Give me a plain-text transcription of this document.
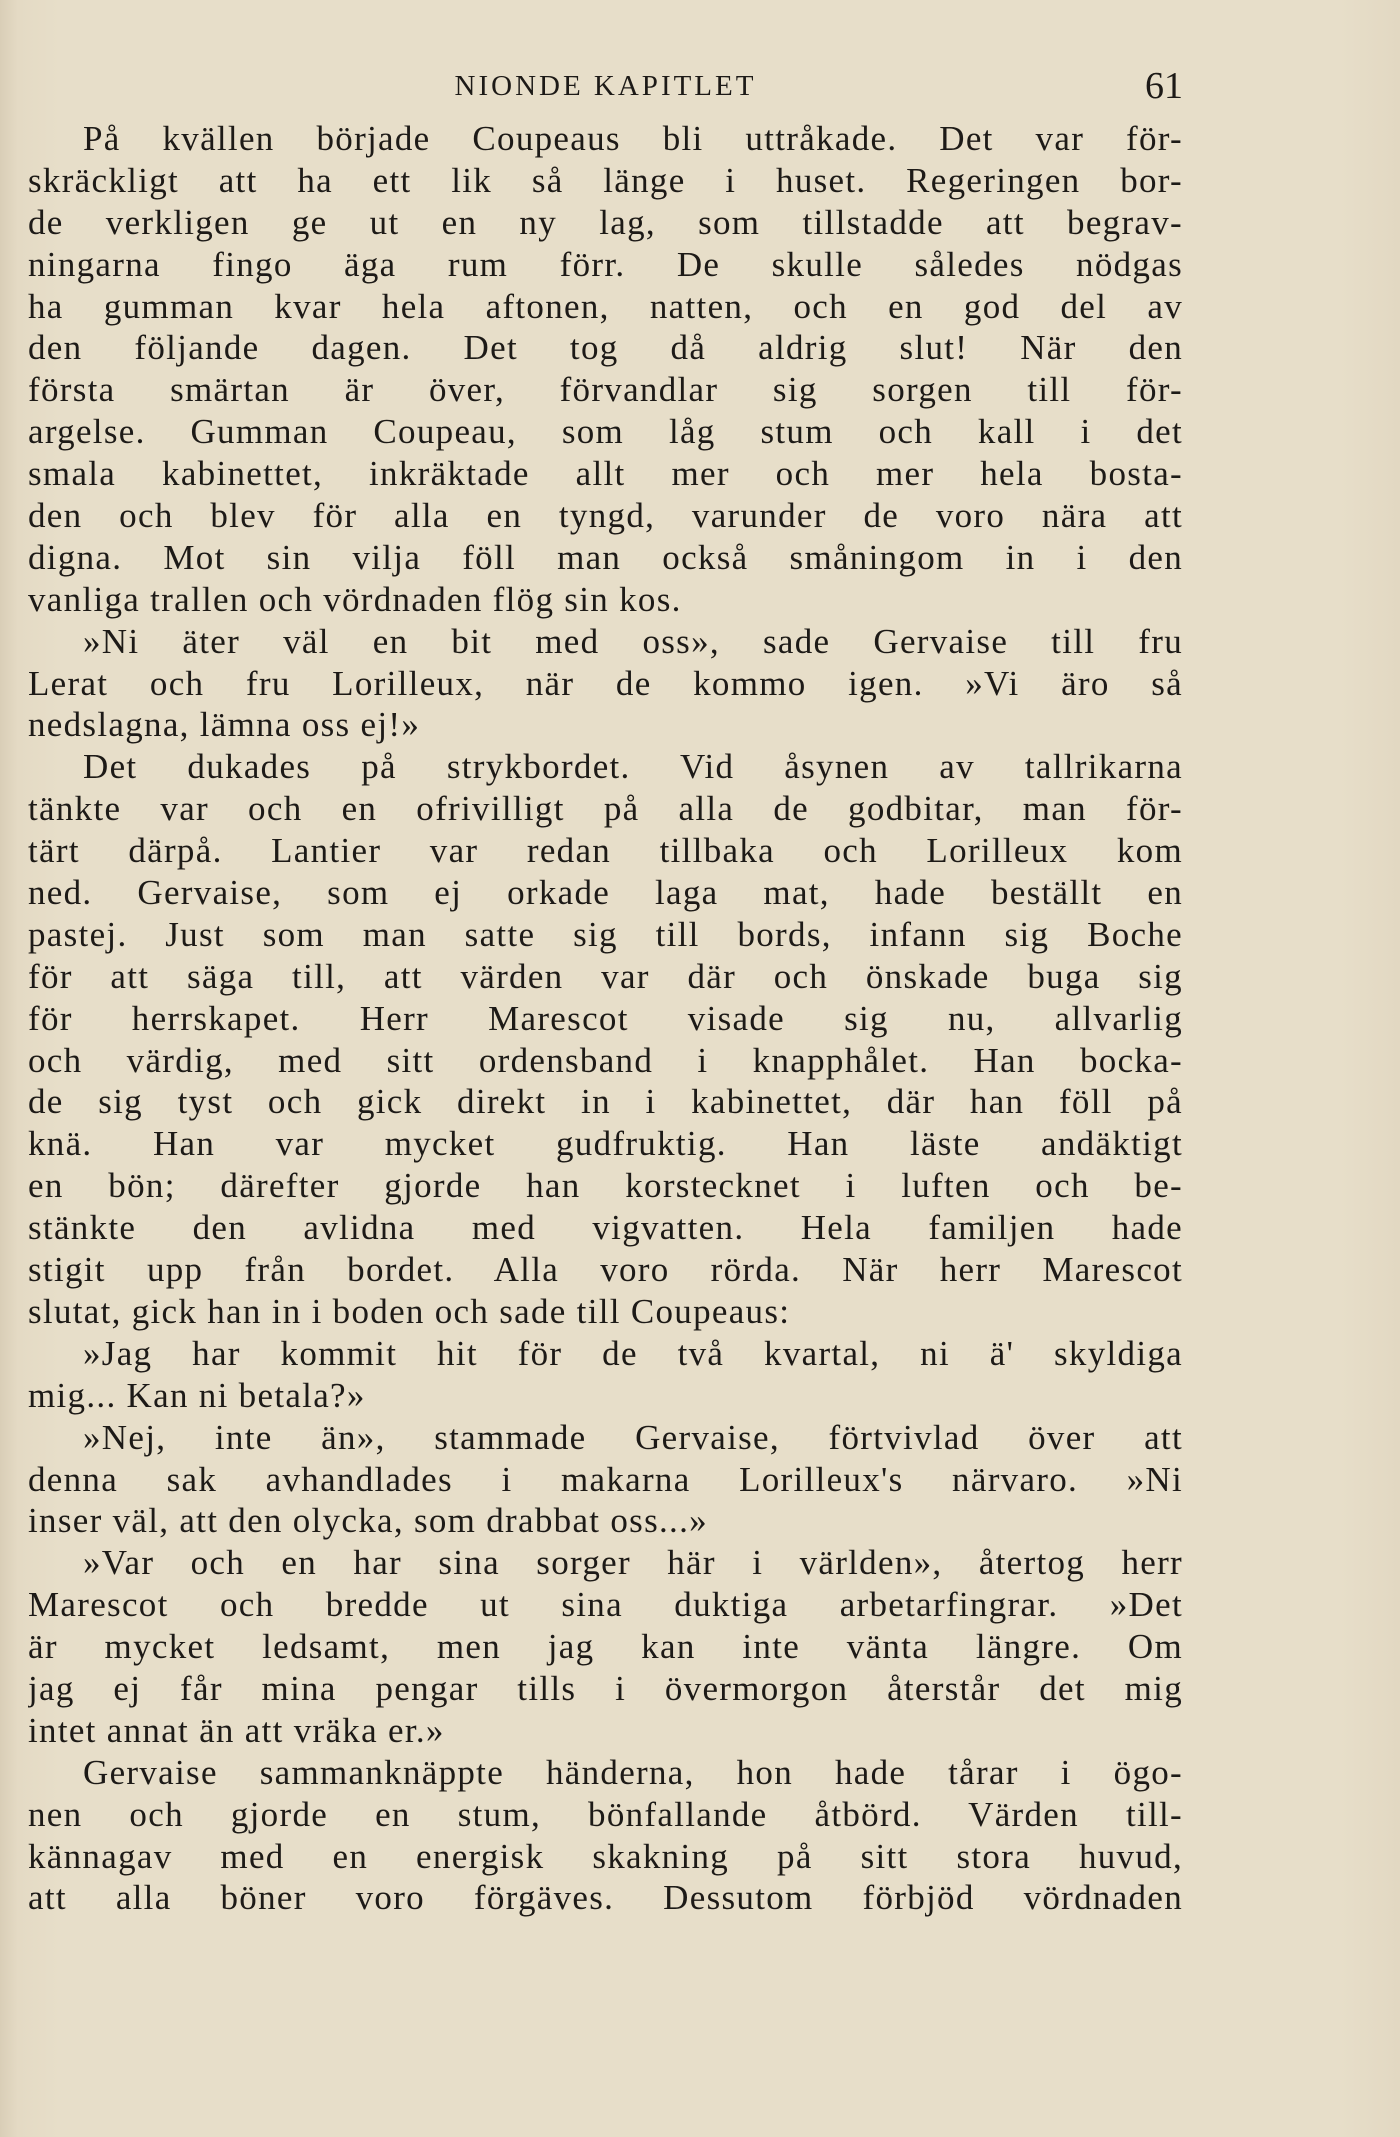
NIONDE KAPITLET	61
På kvällen började Coupeaus bli uttråkade. Det var för-
skräckligt att ha ett lik så länge i huset. Regeringen bor-
de verkligen ge ut en ny lag, som tillstadde att begrav-
ningarna fingo äga rum förr. De skulle således nödgas
ha gumman kvar hela aftonen, natten, och en god del av
den följande dagen. Det tog då aldrig slut! När den
första smärtan är över, förvandlar sig sorgen till för-
argelse. Gumman Coupeau, som låg stum och kall i det
smala kabinettet, inkräktade allt mer och mer hela bosta-
den och blev för alla en tyngd, varunder de voro nära att
digna. Mot sin vilja föll man också småningom in i den
vanliga trallen och vördnaden flög sin kos.
»Ni äter väl en bit med oss», sade Gervaise till fru
Lerat och fru Lorilleux, när de kommo igen. »Vi äro så
nedslagna, lämna oss ej!»
Det dukades på strykbordet. Vid åsynen av tallrikarna
tänkte var och en ofrivilligt på alla de godbitar, man för-
tärt därpå. Lantier var redan tillbaka och Lorilleux kom
ned. Gervaise, som ej orkade laga mat, hade beställt en
pastej. Just som man satte sig till bords, infann sig Boche
för att säga till, att värden var där och önskade buga sig
för herrskapet. Herr Marescot visade sig nu, allvarlig
och värdig, med sitt ordensband i knapphålet. Han bocka-
de sig tyst och gick direkt in i kabinettet, där han föll på
knä. Han var mycket gudfruktig. Han läste andäktigt
en bön; därefter gjorde han korstecknet i luften och be-
stänkte den avlidna med vigvatten. Hela familjen hade
stigit upp från bordet. Alla voro rörda. När herr Marescot
slutat, gick han in i boden och sade till Coupeaus:
»Jag har kommit hit för de två kvartal, ni ä' skyldiga
mig... Kan ni betala?»
»Nej, inte än», stammade Gervaise, förtvivlad över att
denna sak avhandlades i makarna Lorilleux's närvaro. »Ni
inser väl, att den olycka, som drabbat oss...»
»Var och en har sina sorger här i världen», återtog herr
Marescot och bredde ut sina duktiga arbetarfingrar. »Det
är mycket ledsamt, men jag kan inte vänta längre. Om
jag ej får mina pengar tills i övermorgon återstår det mig
intet annat än att vräka er.»
Gervaise sammanknäppte händerna, hon hade tårar i ögo-
nen och gjorde en stum, bönfallande åtbörd. Värden till-
kännagav med en energisk skakning på sitt stora huvud,
att alla böner voro förgäves. Dessutom förbjöd vördnaden
